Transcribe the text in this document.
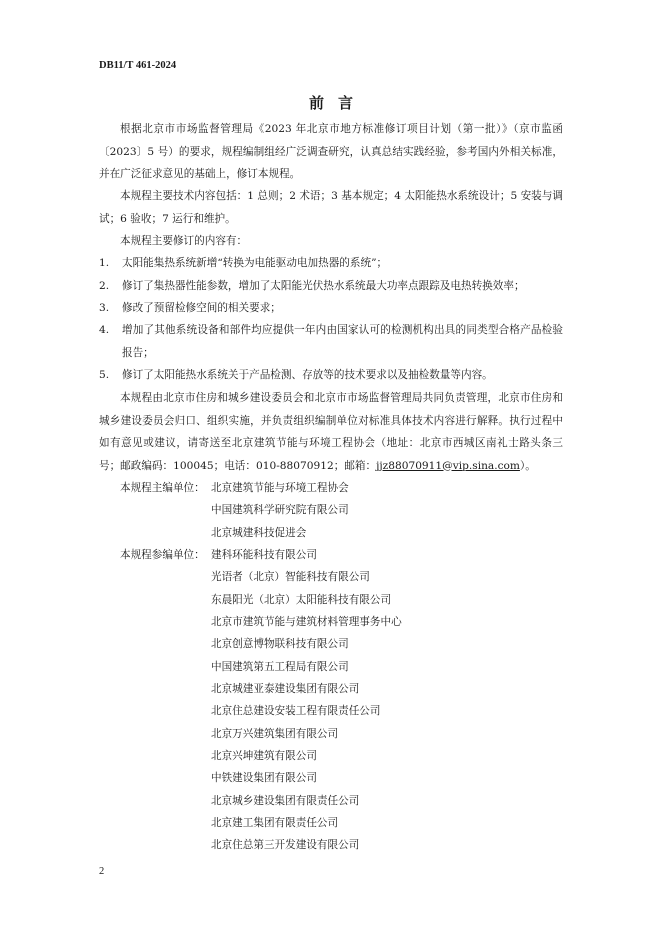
DB11/T 461-2024
前言
根据北京市市场监督管理局《2023 年北京市地方标准修订项目计划（第一批）》（京市监函〔2023〕5 号）的要求，规程编制组经广泛调查研究，认真总结实践经验，参考国内外相关标准，并在广泛征求意见的基础上，修订本规程。
本规程主要技术内容包括：1 总则；2 术语；3 基本规定；4 太阳能热水系统设计；5 安装与调试；6 验收；7 运行和维护。
本规程主要修订的内容有：
1. 太阳能集热系统新增“转换为电能驱动电加热器的系统”；
2. 修订了集热器性能参数，增加了太阳能光伏热水系统最大功率点跟踪及电热转换效率；
3. 修改了预留检修空间的相关要求；
4. 增加了其他系统设备和部件均应提供一年内由国家认可的检测机构出具的同类型合格产品检验报告；
5. 修订了太阳能热水系统关于产品检测、存放等的技术要求以及抽检数量等内容。
本规程由北京市住房和城乡建设委员会和北京市市场监督管理局共同负责管理，北京市住房和城乡建设委员会归口、组织实施，并负责组织编制单位对标准具体技术内容进行解释。执行过程中如有意见或建议，请寄送至北京建筑节能与环境工程协会（地址：北京市西城区南礼士路头条三号；邮政编码：100045；电话：010-88070912；邮箱：jjz88070911@vip.sina.com）。
本规程主编单位： 北京建筑节能与环境工程协会
中国建筑科学研究院有限公司
北京城建科技促进会
本规程参编单位： 建科环能科技有限公司
光语者（北京）智能科技有限公司
东晨阳光（北京）太阳能科技有限公司
北京市建筑节能与建筑材料管理事务中心
北京创意博物联科技有限公司
中国建筑第五工程局有限公司
北京城建亚泰建设集团有限公司
北京住总建设安装工程有限责任公司
北京万兴建筑集团有限公司
北京兴坤建筑有限公司
中铁建设集团有限公司
北京城乡建设集团有限责任公司
北京建工集团有限责任公司
北京住总第三开发建设有限公司
2
